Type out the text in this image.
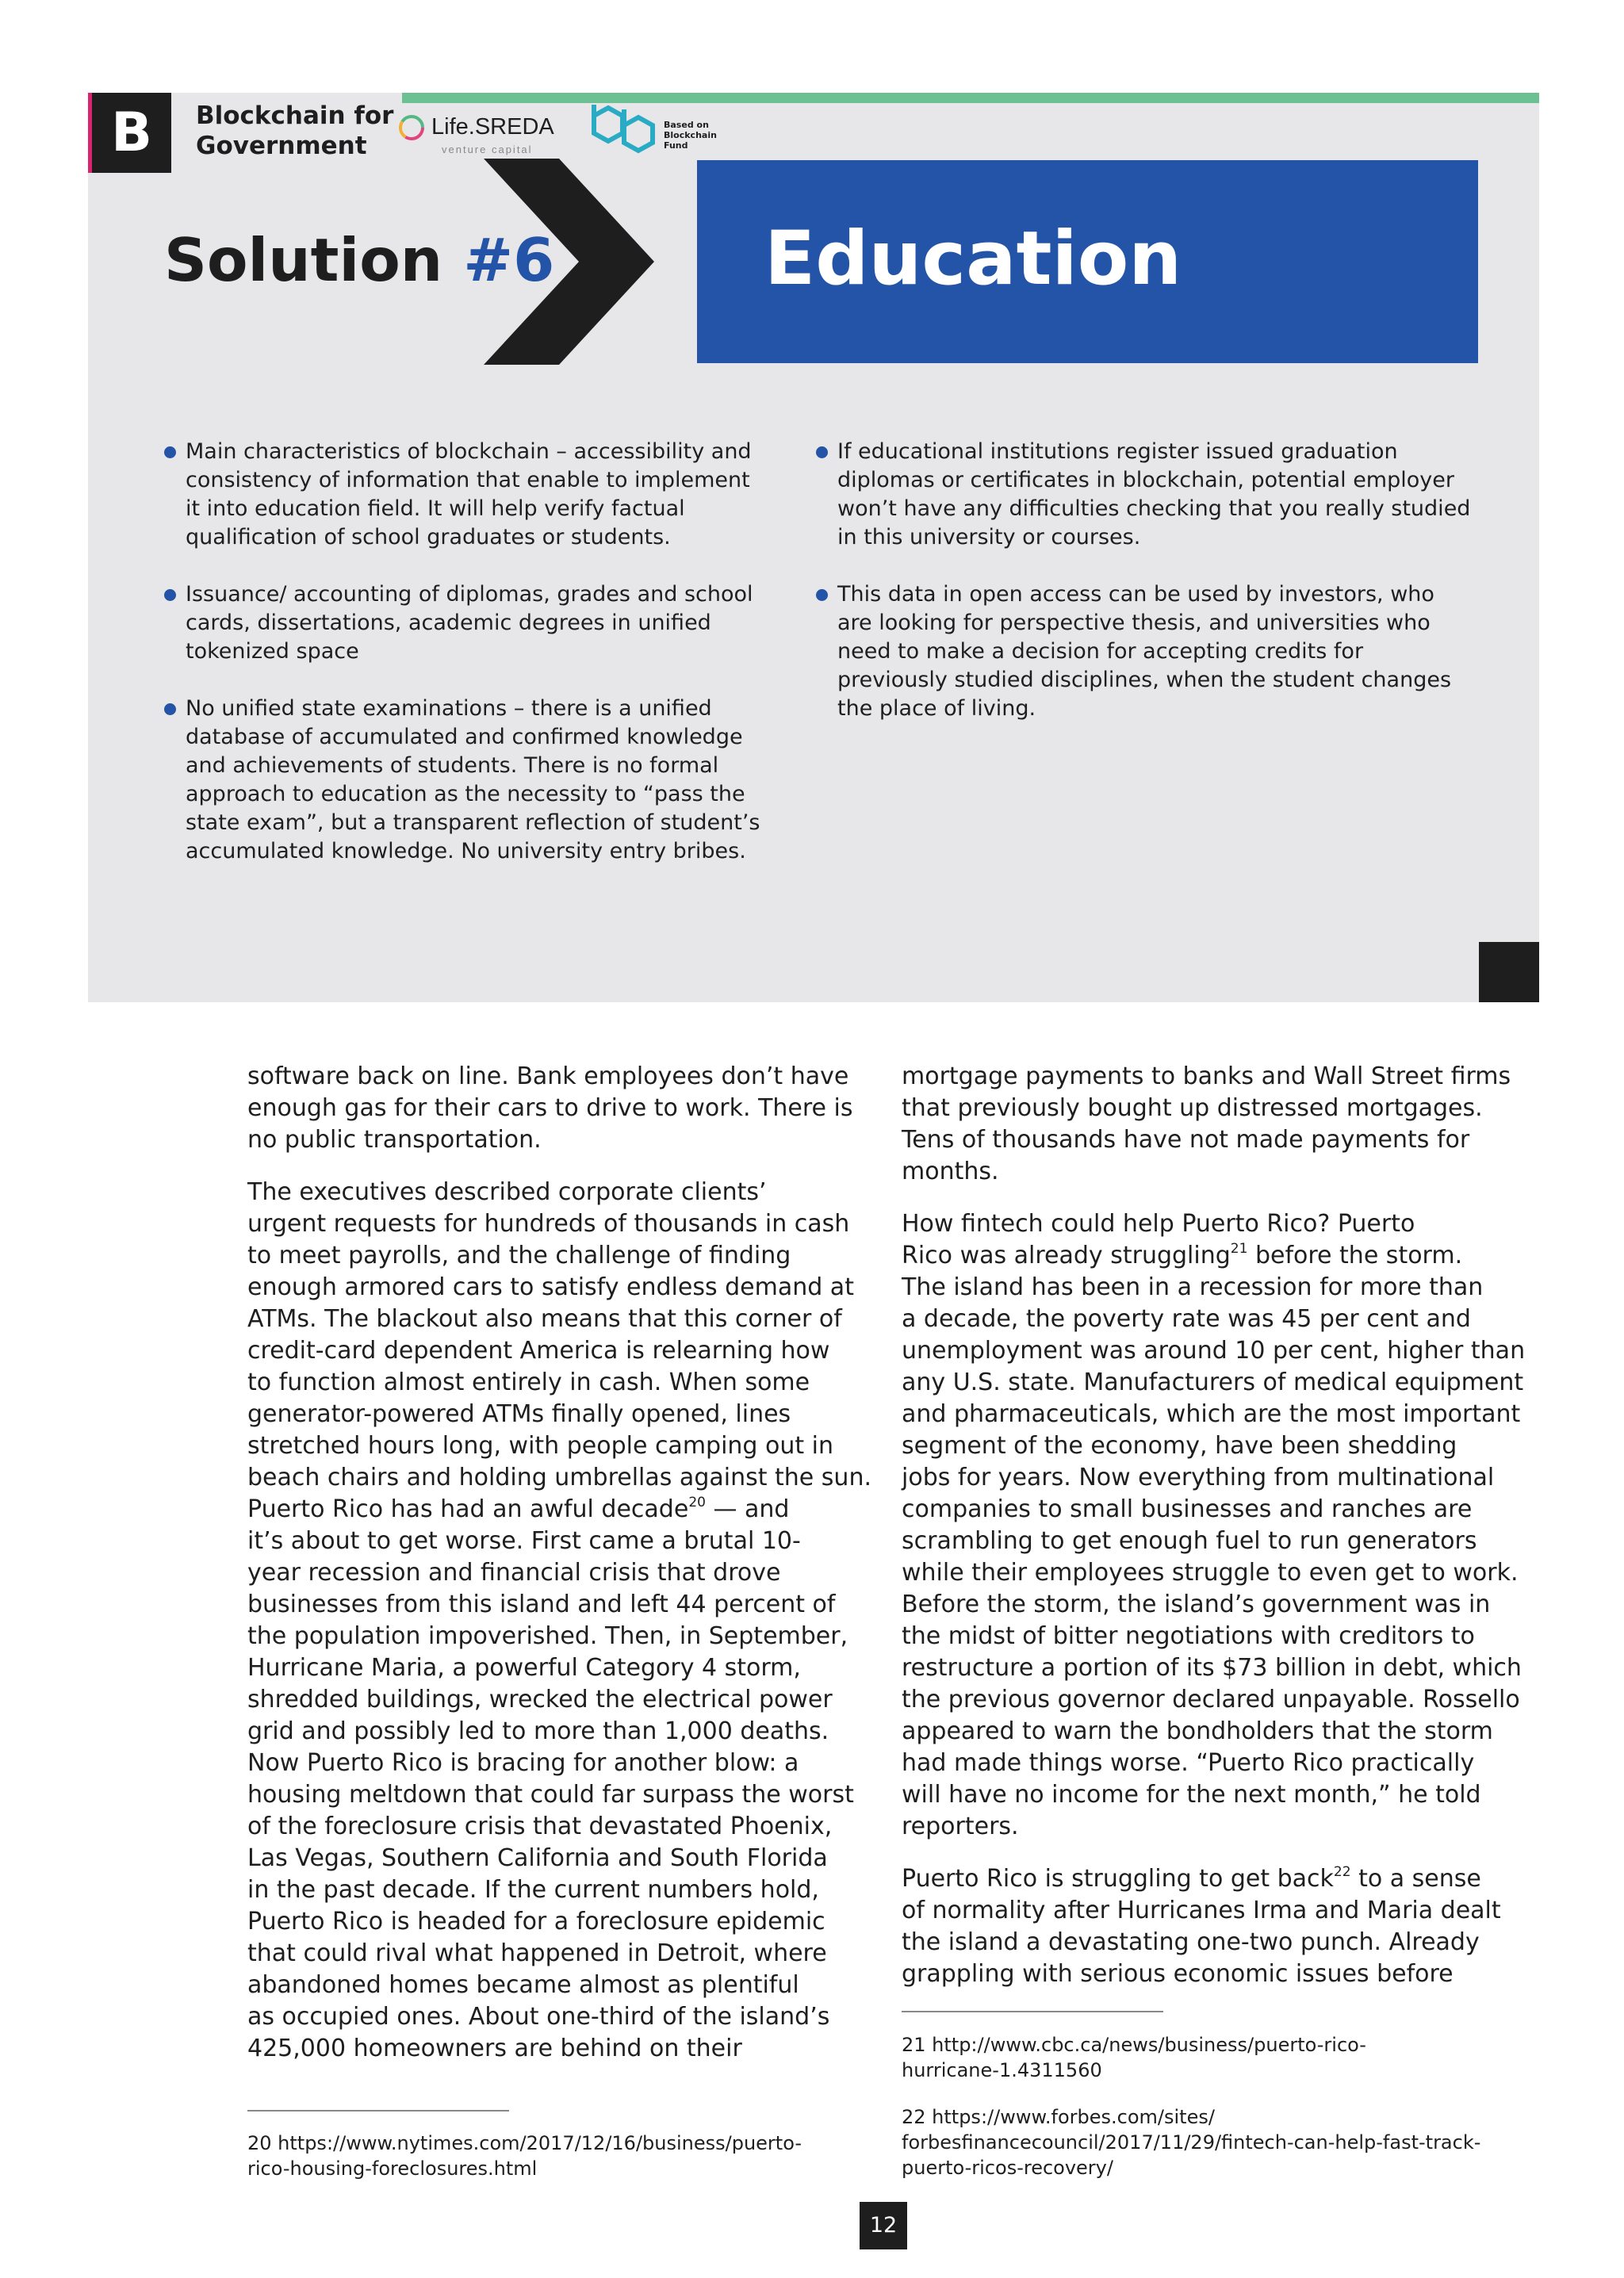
B	Blockchain for
Government
Life.SREDA
venture capital
Based on
Blockchain
Fund
Solution #6	Education
Main characteristics of blockchain – accessibility and consistency of information that enable to implement it into education field. It will help verify factual qualification of school graduates or students.
Issuance/ accounting of diplomas, grades and school cards, dissertations, academic degrees in unified tokenized space
No unified state examinations – there is a unified database of accumulated and confirmed knowledge and achievements of students. There is no formal approach to education as the necessity to “pass the state exam”, but a transparent reflection of student’s accumulated knowledge. No university entry bribes.
If educational institutions register issued graduation diplomas or certificates in blockchain, potential employer won’t have any difficulties checking that you really studied in this university or courses.
This data in open access can be used by investors, who are looking for perspective thesis, and universities who need to make a decision for accepting credits for previously studied disciplines, when the student changes the place of living.

software back on line. Bank employees don’t have
enough gas for their cars to drive to work. There is
no public transportation.

The executives described corporate clients’
urgent requests for hundreds of thousands in cash
to meet payrolls, and the challenge of finding
enough armored cars to satisfy endless demand at
ATMs. The blackout also means that this corner of
credit-card dependent America is relearning how
to function almost entirely in cash. When some
generator-powered ATMs finally opened, lines
stretched hours long, with people camping out in
beach chairs and holding umbrellas against the sun.
Puerto Rico has had an awful decade$^{20}$ — and
it’s about to get worse. First came a brutal 10-
year recession and financial crisis that drove
businesses from this island and left 44 percent of
the population impoverished. Then, in September,
Hurricane Maria, a powerful Category 4 storm,
shredded buildings, wrecked the electrical power
grid and possibly led to more than 1,000 deaths.
Now Puerto Rico is bracing for another blow: a
housing meltdown that could far surpass the worst
of the foreclosure crisis that devastated Phoenix,
Las Vegas, Southern California and South Florida
in the past decade. If the current numbers hold,
Puerto Rico is headed for a foreclosure epidemic
that could rival what happened in Detroit, where
abandoned homes became almost as plentiful
as occupied ones. About one-third of the island’s
425,000 homeowners are behind on their

mortgage payments to banks and Wall Street firms
that previously bought up distressed mortgages.
Tens of thousands have not made payments for
months.

How fintech could help Puerto Rico? Puerto
Rico was already struggling$^{21}$ before the storm.
The island has been in a recession for more than
a decade, the poverty rate was 45 per cent and
unemployment was around 10 per cent, higher than
any U.S. state. Manufacturers of medical equipment
and pharmaceuticals, which are the most important
segment of the economy, have been shedding
jobs for years. Now everything from multinational
companies to small businesses and ranches are
scrambling to get enough fuel to run generators
while their employees struggle to even get to work.
Before the storm, the island’s government was in
the midst of bitter negotiations with creditors to
restructure a portion of its $73 billion in debt, which
the previous governor declared unpayable. Rossello
appeared to warn the bondholders that the storm
had made things worse. “Puerto Rico practically
will have no income for the next month,” he told
reporters.

Puerto Rico is struggling to get back$^{22}$ to a sense
of normality after Hurricanes Irma and Maria dealt
the island a devastating one-two punch. Already
grappling with serious economic issues before

21 http://www.cbc.ca/news/business/puerto-rico-
hurricane-1.4311560

22 https://www.forbes.com/sites/
forbesfinancecouncil/2017/11/29/fintech-can-help-fast-track-
puerto-ricos-recovery/

20 https://www.nytimes.com/2017/12/16/business/puerto-
rico-housing-foreclosures.html

12
